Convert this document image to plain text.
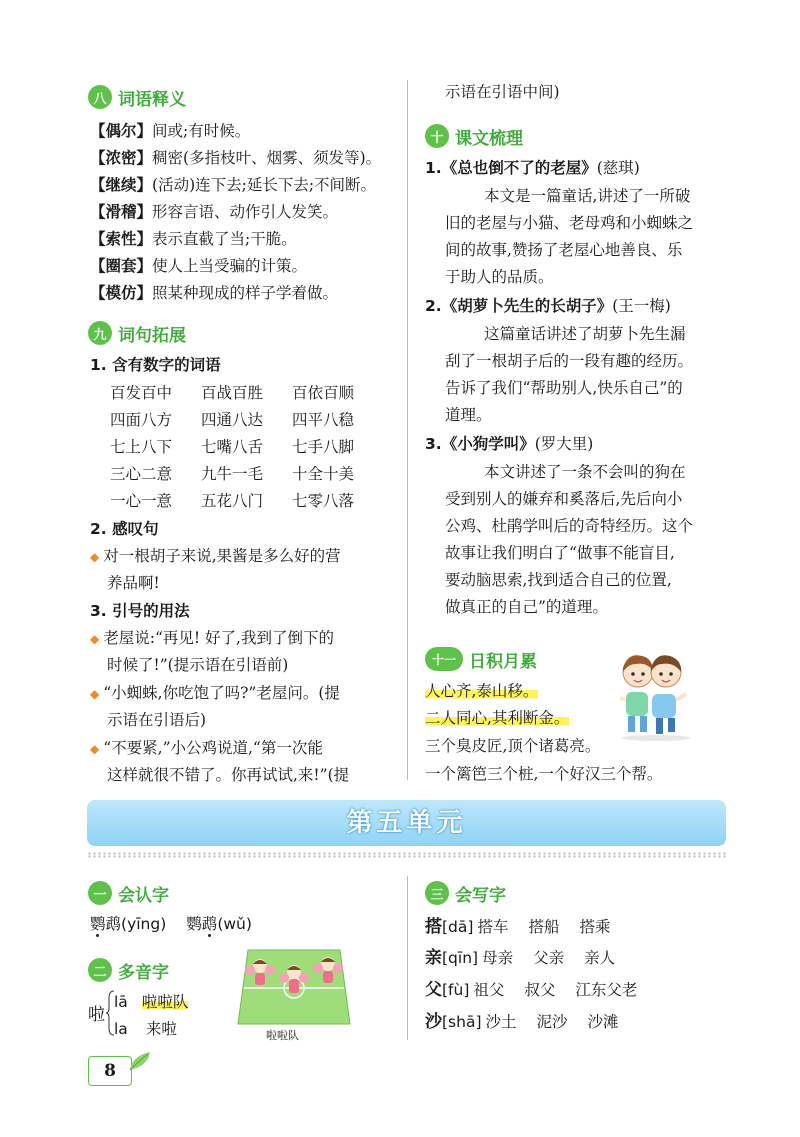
八 词语释义
【偶尔】间或;有时候。
【浓密】稠密(多指枝叶、烟雾、须发等)。
【继续】(活动)连下去;延长下去;不间断。
【滑稽】形容言语、动作引人发笑。
【索性】表示直截了当;干脆。
【圈套】使人上当受骗的计策。
【模仿】照某种现成的样子学着做。
九 词句拓展
1. 含有数字的词语
百发百中 百战百胜 百依百顺
四面八方 四通八达 四平八稳
七上八下 七嘴八舌 七手八脚
三心二意 九牛一毛 十全十美
一心一意 五花八门 七零八落
2. 感叹句
◆ 对一根胡子来说,果酱是多么好的营
养品啊!
3. 引号的用法
◆ 老屋说:“再见! 好了,我到了倒下的
时候了!”(提示语在引语前)
◆ “小蜘蛛,你吃饱了吗?”老屋问。(提
示语在引语后)
◆ “不要紧,”小公鸡说道,“第一次能
这样就很不错了。你再试试,来!”(提
示语在引语中间)
十 课文梳理
1.《总也倒不了的老屋》(慈琪)
本文是一篇童话,讲述了一所破
旧的老屋与小猫、老母鸡和小蜘蛛之
间的故事,赞扬了老屋心地善良、乐
于助人的品质。
2.《胡萝卜先生的长胡子》(王一梅)
这篇童话讲述了胡萝卜先生漏
刮了一根胡子后的一段有趣的经历。
告诉了我们“帮助别人,快乐自己”的
道理。
3.《小狗学叫》(罗大里)
本文讲述了一条不会叫的狗在
受到别人的嫌弃和奚落后,先后向小
公鸡、杜鹃学叫后的奇特经历。这个
故事让我们明白了“做事不能盲目,
要动脑思索,找到适合自己的位置,
做真正的自己”的道理。
十一 日积月累
人心齐,泰山移。
二人同心,其利断金。
三个臭皮匠,顶个诸葛亮。
一个篱笆三个桩,一个好汉三个帮。
第五单元
一 会认字
鹦鹉(yīng) 鹦鹉(wǔ)
二 多音字
啦
lā 啦啦队
la 来啦	啦啦队
三 会写字
搭[dā] 搭车 搭船 搭乘
亲[qīn] 母亲 父亲 亲人
父[fù] 祖父 叔父 江东父老
沙[shā] 沙土 泥沙 沙滩
8
